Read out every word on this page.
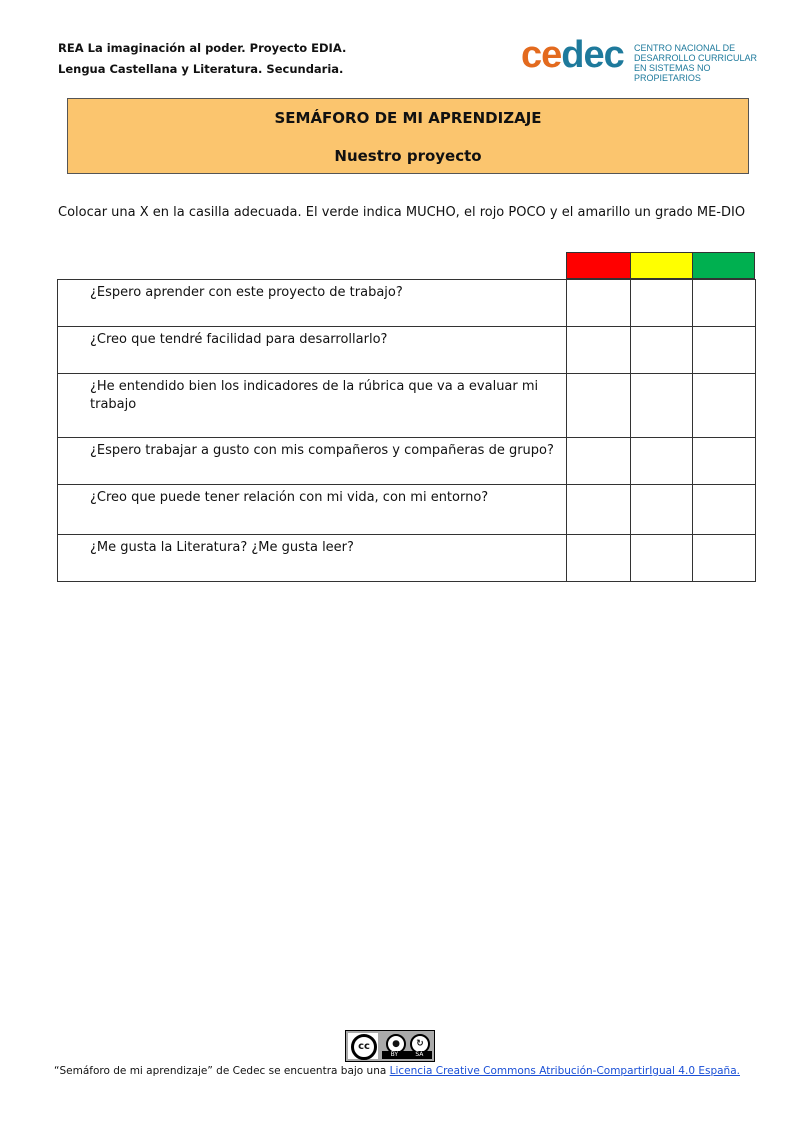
REA La imaginación al poder. Proyecto EDIA.
Lengua Castellana y Literatura. Secundaria.	cedec CENTRO NACIONAL DE
DESARROLLO CURRICULAR
EN SISTEMAS NO PROPIETARIOS
SEMÁFORO DE MI APRENDIZAJE
Nuestro proyecto
Colocar una X en la casilla adecuada. El verde indica MUCHO, el rojo POCO y el amarillo un grado ME-DIO
¿Espero aprender con este proyecto de trabajo?			
¿Creo que tendré facilidad para desarrollarlo?			
¿He entendido bien los indicadores de la rúbrica que va a evaluar mi trabajo			
¿Espero trabajar a gusto con mis compañeros y compañeras de grupo?			
¿Creo que puede tener relación con mi vida, con mi entorno?			
¿Me gusta la Literatura? ¿Me gusta leer?			
cc	●	↻
BY	SA
“Semáforo de mi aprendizaje” de Cedec se encuentra bajo una Licencia Creative Commons Atribución-CompartirIgual 4.0 España.
